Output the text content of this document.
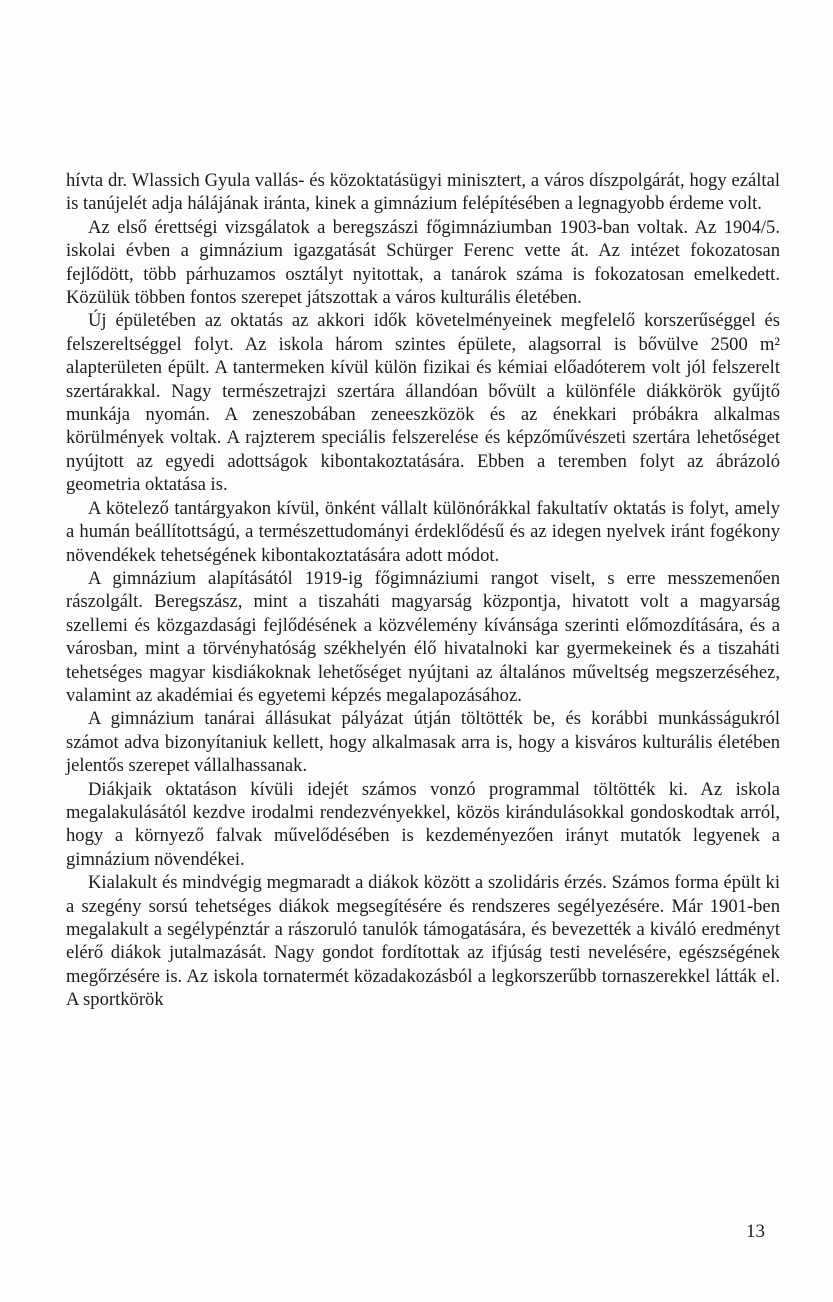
hívta dr. Wlassich Gyula vallás- és közoktatásügyi minisztert, a város díszpolgárát, hogy ezáltal is tanújelét adja hálájának iránta, kinek a gimnázium felépítésében a legnagyobb érdeme volt.

Az első érettségi vizsgálatok a beregszászi főgimnáziumban 1903-ban voltak. Az 1904/5. iskolai évben a gimnázium igazgatását Schürger Ferenc vette át. Az intézet fokozatosan fejlődött, több párhuzamos osztályt nyitottak, a tanárok száma is fokozatosan emelkedett. Közülük többen fontos szerepet játszottak a város kulturális életében.

Új épületében az oktatás az akkori idők követelményeinek megfelelő korszerűséggel és felszereltséggel folyt. Az iskola három szintes épülete, alagsorral is bővülve 2500 m² alapterületen épült. A tantermeken kívül külön fizikai és kémiai előadóterem volt jól felszerelt szertárakkal. Nagy természetrajzi szertára állandóan bővült a különféle diákkörök gyűjtő munkája nyomán. A zeneszobában zeneeszközök és az énekkari próbákra alkalmas körülmények voltak. A rajzterem speciális felszerelése és képzőművészeti szertára lehetőséget nyújtott az egyedi adottságok kibontakoztatására. Ebben a teremben folyt az ábrázoló geometria oktatása is.

A kötelező tantárgyakon kívül, önként vállalt különórákkal fakultatív oktatás is folyt, amely a humán beállítottságú, a természettudományi érdeklődésű és az idegen nyelvek iránt fogékony növendékek tehetségének kibontakoztatására adott módot.

A gimnázium alapításától 1919-ig főgimnáziumi rangot viselt, s erre messzemenően rászolgált. Beregszász, mint a tiszaháti magyarság központja, hivatott volt a magyarság szellemi és közgazdasági fejlődésének a közvélemény kívánsága szerinti előmozdítására, és a városban, mint a törvényhatóság székhelyén élő hivatalnoki kar gyermekeinek és a tiszaháti tehetséges magyar kisdiákoknak lehetőséget nyújtani az általános műveltség megszerzéséhez, valamint az akadémiai és egyetemi képzés megalapozásához.

A gimnázium tanárai állásukat pályázat útján töltötték be, és korábbi munkásságukról számot adva bizonyítaniuk kellett, hogy alkalmasak arra is, hogy a kisváros kulturális életében jelentős szerepet vállalhassanak.

Diákjaik oktatáson kívüli idejét számos vonzó programmal töltötték ki. Az iskola megalakulásától kezdve irodalmi rendezvényekkel, közös kirándulásokkal gondoskodtak arról, hogy a környező falvak művelődésében is kezdeményezően irányt mutatók legyenek a gimnázium növendékei.

Kialakult és mindvégig megmaradt a diákok között a szolidáris érzés. Számos forma épült ki a szegény sorsú tehetséges diákok megsegítésére és rendszeres segélyezésére. Már 1901-ben megalakult a segélypénztár a rászoruló tanulók támogatására, és bevezették a kiváló eredményt elérő diákok jutalmazását. Nagy gondot fordítottak az ifjúság testi nevelésére, egészségének megőrzésére is. Az iskola tornatermét közadakozásból a legkorszerűbb tornaszerekkel látták el. A sportkörök

13
